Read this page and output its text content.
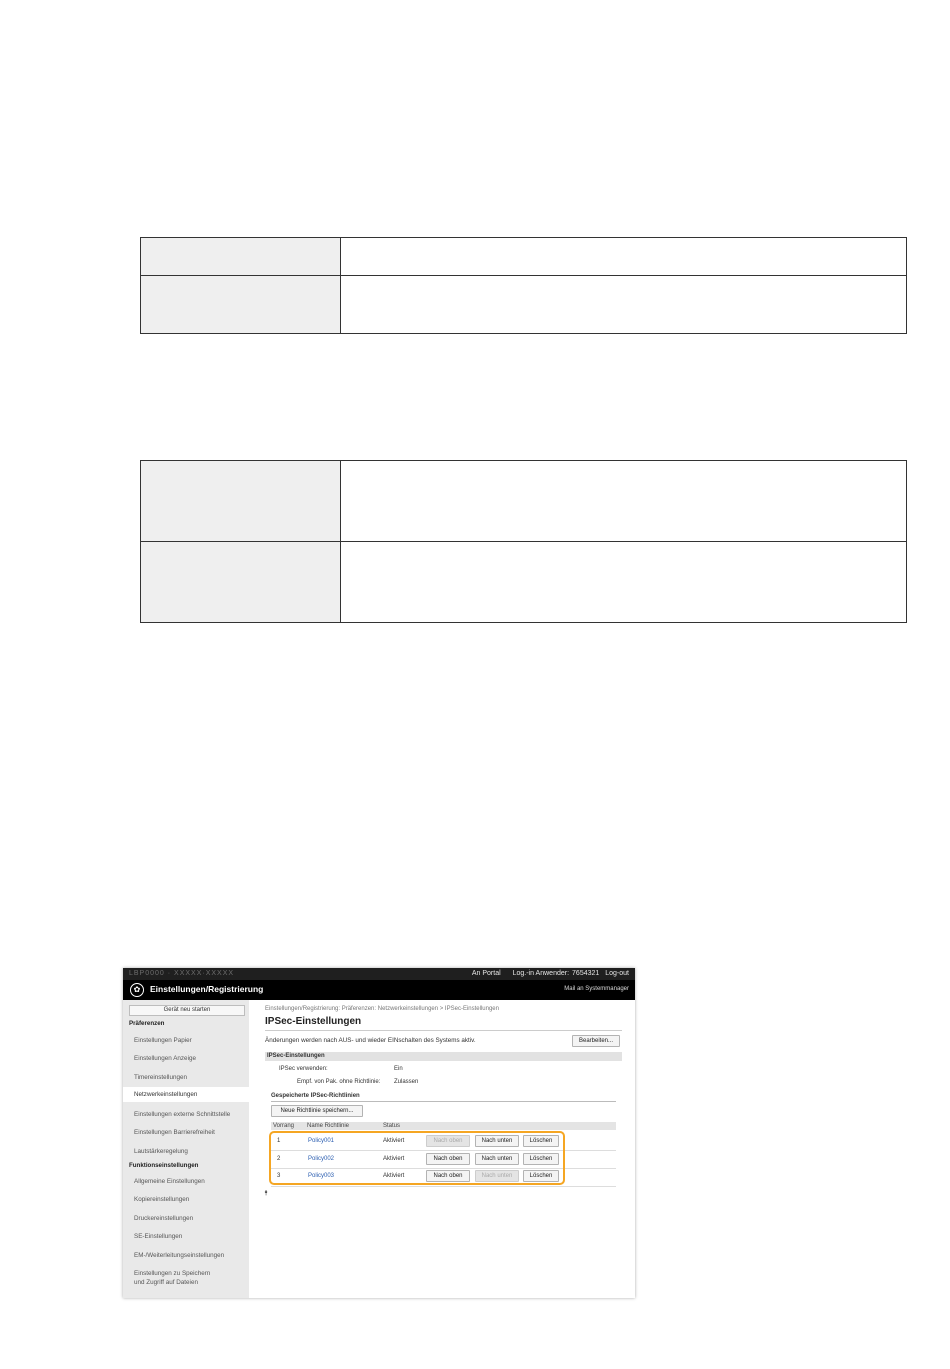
LBP0000 · XXXXX·XXXXX	An Portal Log.-in Anwender: 7654321 Log-out
✿	Einstellungen/Registrierung	Mail an Systemmanager
Gerät neu starten
Präferenzen
Einstellungen Papier
Einstellungen Anzeige
Timereinstellungen
Netzwerkeinstellungen
Einstellungen externe Schnittstelle
Einstellungen Barrierefreiheit
Lautstärkeregelung
Funktionseinstellungen
Allgemeine Einstellungen
Kopiereinstellungen
Druckereinstellungen
SE-Einstellungen
EM-/Weiterleitungseinstellungen
Einstellungen zu Speichern
und Zugriff auf Dateien
Einstellungen/Registrierung: Präferenzen: Netzwerkeinstellungen > IPSec-Einstellungen
IPSec-Einstellungen
Änderungen werden nach AUS- und wieder EINschalten des Systems aktiv.	Bearbeiten...
IPSec-Einstellungen
IPSec verwenden:	Ein
Empf. von Pak. ohne Richtlinie: Zulassen
Gespeicherte IPSec-Richtlinien
Neue Richtlinie speichern...
Vorrang Name Richtlinie	Status
1	Policy001	Aktiviert	Nach oben	Nach unten	Löschen
2	Policy002	Aktiviert	Nach oben	Nach unten	Löschen
3	Policy003	Aktiviert	Nach oben	Nach unten	Löschen
⯭
